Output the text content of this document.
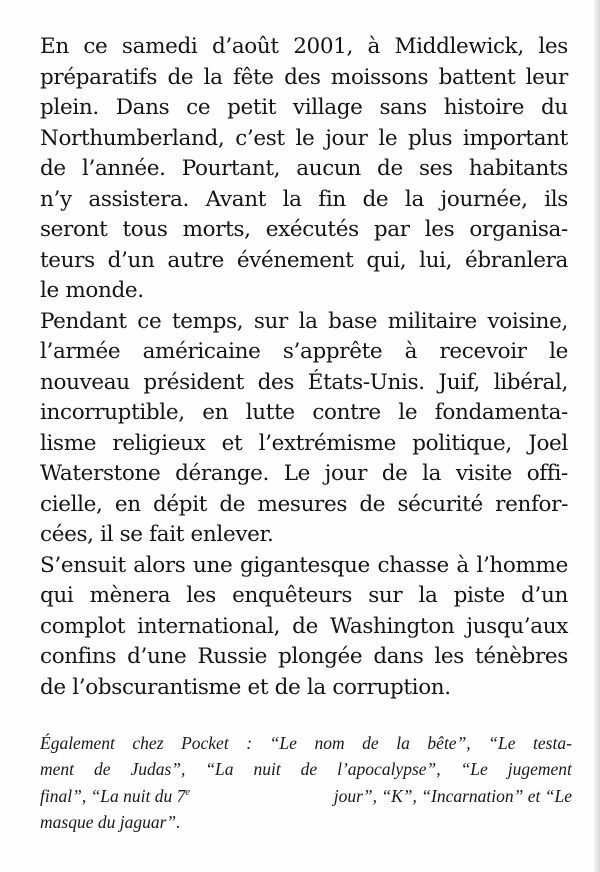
En ce samedi d’août 2001, à Middlewick, les
préparatifs de la fête des moissons battent leur
plein. Dans ce petit village sans histoire du
Northumberland, c’est le jour le plus important
de l’année. Pourtant, aucun de ses habitants
n’y assistera. Avant la fin de la journée, ils
seront tous morts, exécutés par les organisa-
teurs d’un autre événement qui, lui, ébranlera
le monde.
Pendant ce temps, sur la base militaire voisine,
l’armée américaine s’apprête à recevoir le
nouveau président des États-Unis. Juif, libéral,
incorruptible, en lutte contre le fondamenta-
lisme religieux et l’extrémisme politique, Joel
Waterstone dérange. Le jour de la visite offi-
cielle, en dépit de mesures de sécurité renfor-
cées, il se fait enlever.
S’ensuit alors une gigantesque chasse à l’homme
qui mènera les enquêteurs sur la piste d’un
complot international, de Washington jusqu’aux
confins d’une Russie plongée dans les ténèbres
de l’obscurantisme et de la corruption.
Également chez Pocket : “Le nom de la bête”, “Le testa-
ment de Judas”, “La nuit de l’apocalypse”, “Le jugement
final”, “La nuit du 7e	jour”, “K”, “Incarnation” et “Le
masque du jaguar”.
